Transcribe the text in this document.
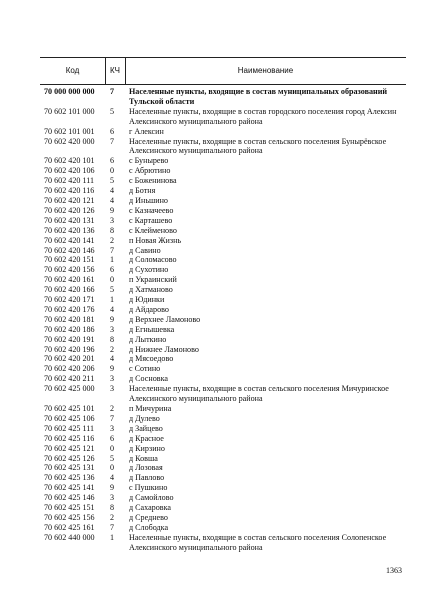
Код	КЧ	Наименование
70 000 000 000 7 Населенные пункты, входящие в состав муниципальных образований Тульской области
70 602 101 000 5 Населенные пункты, входящие в состав городского поселения город Алексин Алексинского муниципального района
70 602 101 001 6 г Алексин
70 602 420 000 7 Населенные пункты, входящие в состав сельского поселения Бунырёвское Алексинского муниципального района
70 602 420 101 6 с Бунырево
70 602 420 106 0 с Абрютино
70 602 420 111 5 с Боженинова
70 602 420 116 4 д Ботня
70 602 420 121 4 д Иньшино
70 602 420 126 9 с Казначеево
70 602 420 131 3 с Карташево
70 602 420 136 8 с Клейменово
70 602 420 141 2 п Новая Жизнь
70 602 420 146 7 д Савино
70 602 420 151 1 д Соломасово
70 602 420 156 6 д Сухотино
70 602 420 161 0 п Украинский
70 602 420 166 5 д Хатманово
70 602 420 171 1 д Юдинки
70 602 420 176 4 д Айдарово
70 602 420 181 9 д Верхнее Ламоново
70 602 420 186 3 д Егнышевка
70 602 420 191 8 д Лыткино
70 602 420 196 2 д Нижнее Ламоново
70 602 420 201 4 д Мясоедово
70 602 420 206 9 с Сотино
70 602 420 211 3 д Сосновка
70 602 425 000 3 Населенные пункты, входящие в состав сельского поселения Мичуринское Алексинского муниципального района
70 602 425 101 2 п Мичурина
70 602 425 106 7 д Дулево
70 602 425 111 3 д Зайцево
70 602 425 116 6 д Красное
70 602 425 121 0 д Кирзино
70 602 425 126 5 д Ковша
70 602 425 131 0 д Лозовая
70 602 425 136 4 д Павлово
70 602 425 141 9 с Пушкино
70 602 425 146 3 д Самойлово
70 602 425 151 8 д Сахаровка
70 602 425 156 2 д Среднево
70 602 425 161 7 д Слободка
70 602 440 000 1 Населенные пункты, входящие в состав сельского поселения Солопенское Алексинского муниципального района
1363
